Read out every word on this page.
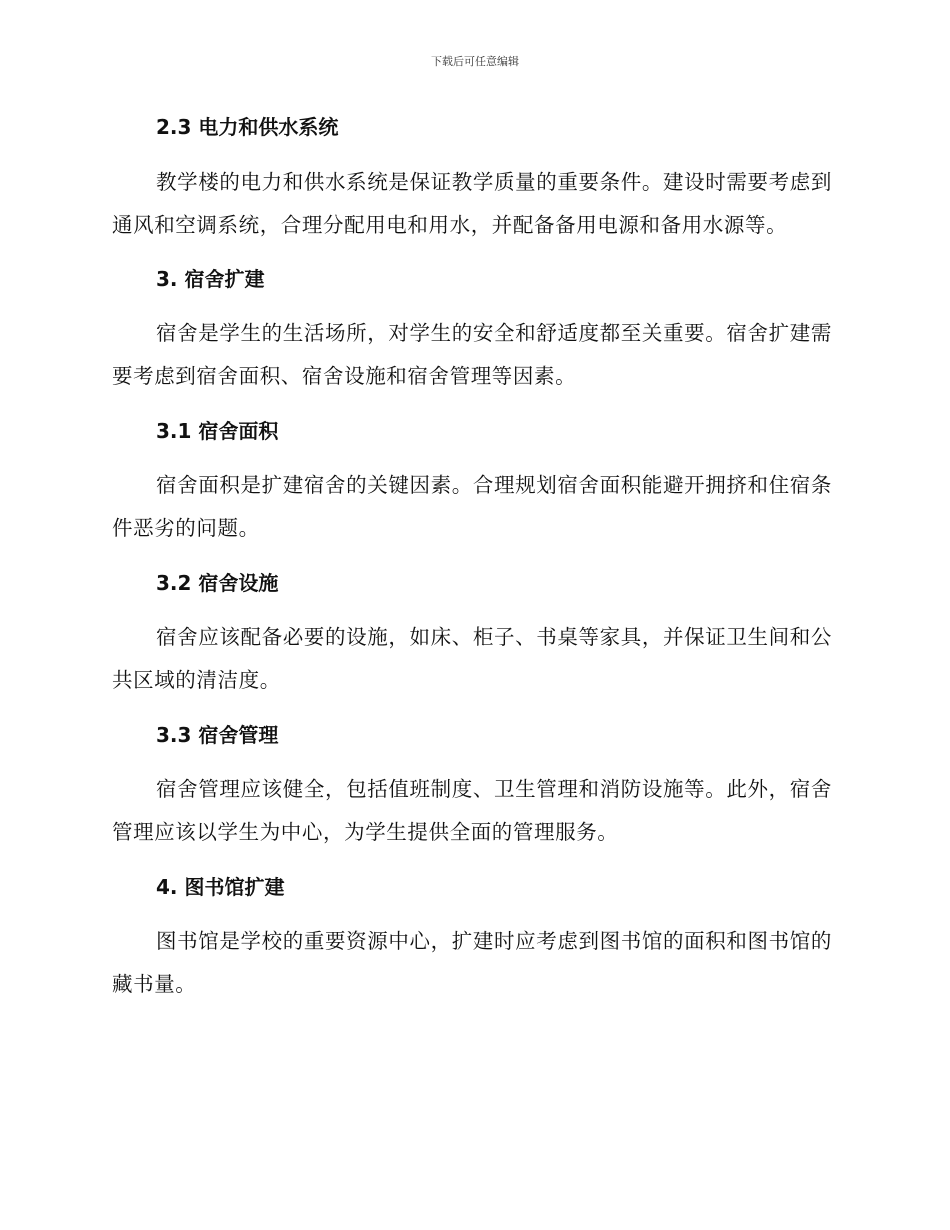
下载后可任意编辑
2.3 电力和供水系统
教学楼的电力和供水系统是保证教学质量的重要条件。建设时需要考虑到通风和空调系统，合理分配用电和用水，并配备备用电源和备用水源等。
3. 宿舍扩建
宿舍是学生的生活场所，对学生的安全和舒适度都至关重要。宿舍扩建需要考虑到宿舍面积、宿舍设施和宿舍管理等因素。
3.1 宿舍面积
宿舍面积是扩建宿舍的关键因素。合理规划宿舍面积能避开拥挤和住宿条件恶劣的问题。
3.2 宿舍设施
宿舍应该配备必要的设施，如床、柜子、书桌等家具，并保证卫生间和公共区域的清洁度。
3.3 宿舍管理
宿舍管理应该健全，包括值班制度、卫生管理和消防设施等。此外，宿舍管理应该以学生为中心，为学生提供全面的管理服务。
4. 图书馆扩建
图书馆是学校的重要资源中心，扩建时应考虑到图书馆的面积和图书馆的藏书量。
